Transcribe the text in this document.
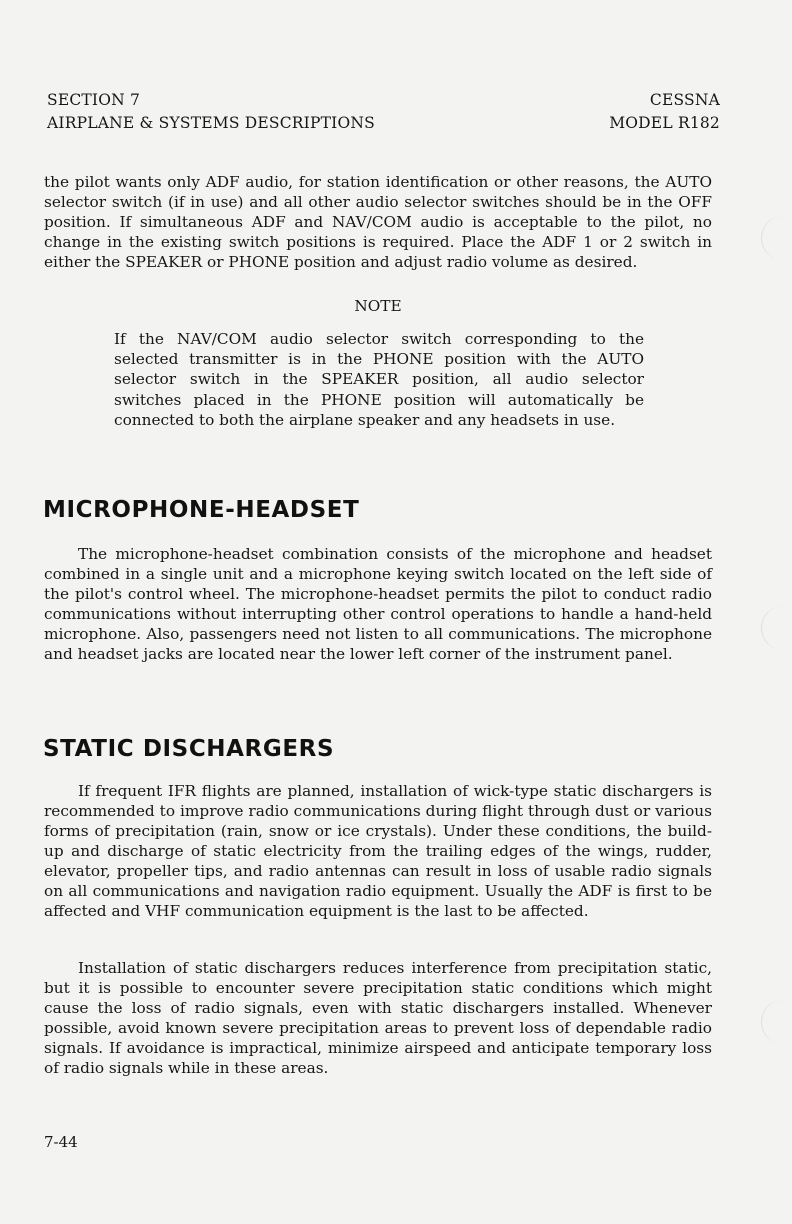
SECTION 7
AIRPLANE & SYSTEMS DESCRIPTIONS
CESSNA
MODEL R182

the pilot wants only ADF audio, for station identification or other reasons, the AUTO selector switch (if in use) and all other audio selector switches should be in the OFF position. If simultaneous ADF and NAV/COM audio is acceptable to the pilot, no change in the existing switch positions is required. Place the ADF 1 or 2 switch in either the SPEAKER or PHONE position and adjust radio volume as desired.

NOTE

If the NAV/COM audio selector switch corresponding to the selected transmitter is in the PHONE position with the AUTO selector switch in the SPEAKER position, all audio selector switches placed in the PHONE position will automatically be connected to both the airplane speaker and any headsets in use.

MICROPHONE-HEADSET

The microphone-headset combination consists of the microphone and headset combined in a single unit and a microphone keying switch located on the left side of the pilot's control wheel. The microphone-headset permits the pilot to conduct radio communications without interrupting other control operations to handle a hand-held microphone. Also, passengers need not listen to all communications. The microphone and headset jacks are located near the lower left corner of the instrument panel.

STATIC DISCHARGERS

If frequent IFR flights are planned, installation of wick-type static dischargers is recommended to improve radio communications during flight through dust or various forms of precipitation (rain, snow or ice crystals). Under these conditions, the build-up and discharge of static electricity from the trailing edges of the wings, rudder, elevator, propeller tips, and radio antennas can result in loss of usable radio signals on all communications and navigation radio equipment. Usually the ADF is first to be affected and VHF communication equipment is the last to be affected.

Installation of static dischargers reduces interference from precipitation static, but it is possible to encounter severe precipitation static conditions which might cause the loss of radio signals, even with static dischargers installed. Whenever possible, avoid known severe precipitation areas to prevent loss of dependable radio signals. If avoidance is impractical, minimize airspeed and anticipate temporary loss of radio signals while in these areas.

7-44
